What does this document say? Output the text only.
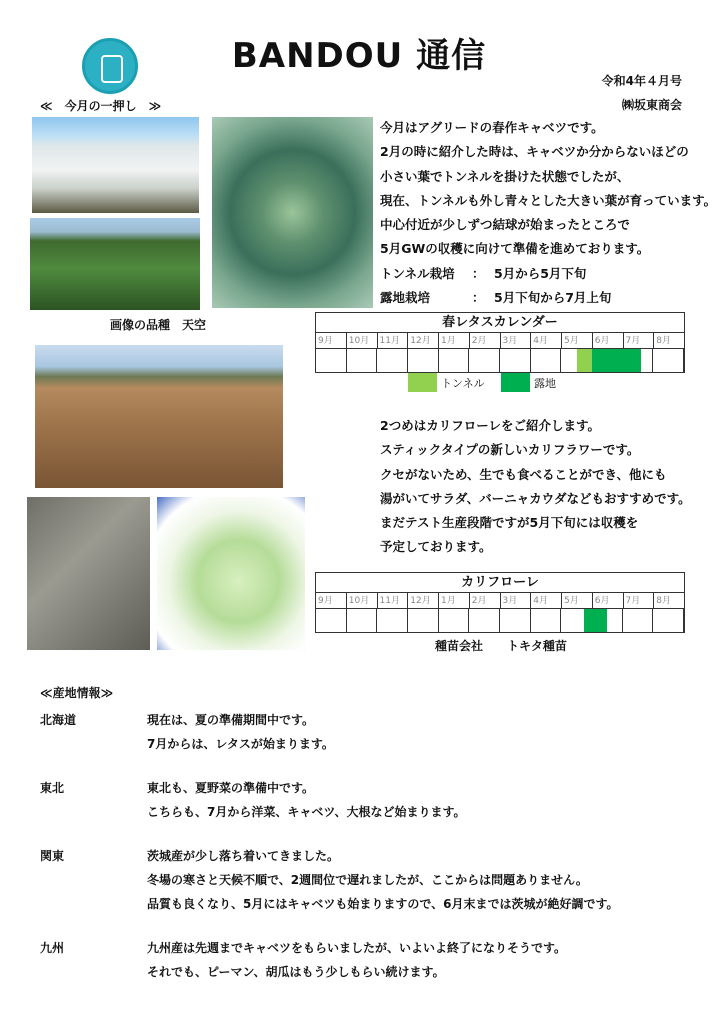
BANDOU 通信
令和4年４月号
㈱坂東商会
≪　今月の一押し　≫
画像の品種　天空
今月はアグリードの春作キャベツです。
2月の時に紹介した時は、キャベツか分からないほどの
小さい葉でトンネルを掛けた状態でしたが、
現在、トンネルも外し青々とした大きい葉が育っています。
中心付近が少しずつ結球が始まったところで
5月GWの収穫に向けて準備を進めております。
トンネル栽培 ： 5月から5月下旬
露地栽培	： 5月下旬から7月上旬
春レタスカレンダー
9月	10月	11月	12月	1月	2月	3月	4月	5月	6月	7月	8月
トンネル	露地
2つめはカリフローレをご紹介します。
スティックタイプの新しいカリフラワーです。
クセがないため、生でも食べることができ、他にも
湯がいてサラダ、バーニャカウダなどもおすすめです。
まだテスト生産段階ですが5月下旬には収穫を
予定しております。
カリフローレ
9月	10月	11月	12月	1月	2月	3月	4月	5月	6月	7月	8月
種苗会社　　トキタ種苗
≪産地情報≫
北海道	現在は、夏の準備期間中です。
7月からは、レタスが始まります。
東北	東北も、夏野菜の準備中です。
こちらも、7月から洋菜、キャベツ、大根など始まります。
関東	茨城産が少し落ち着いてきました。
冬場の寒さと天候不順で、2週間位で遅れましたが、ここからは問題ありません。
品質も良くなり、5月にはキャベツも始まりますので、6月末までは茨城が絶好調です。
九州	九州産は先週までキャベツをもらいましたが、いよいよ終了になりそうです。
それでも、ピーマン、胡瓜はもう少しもらい続けます。
